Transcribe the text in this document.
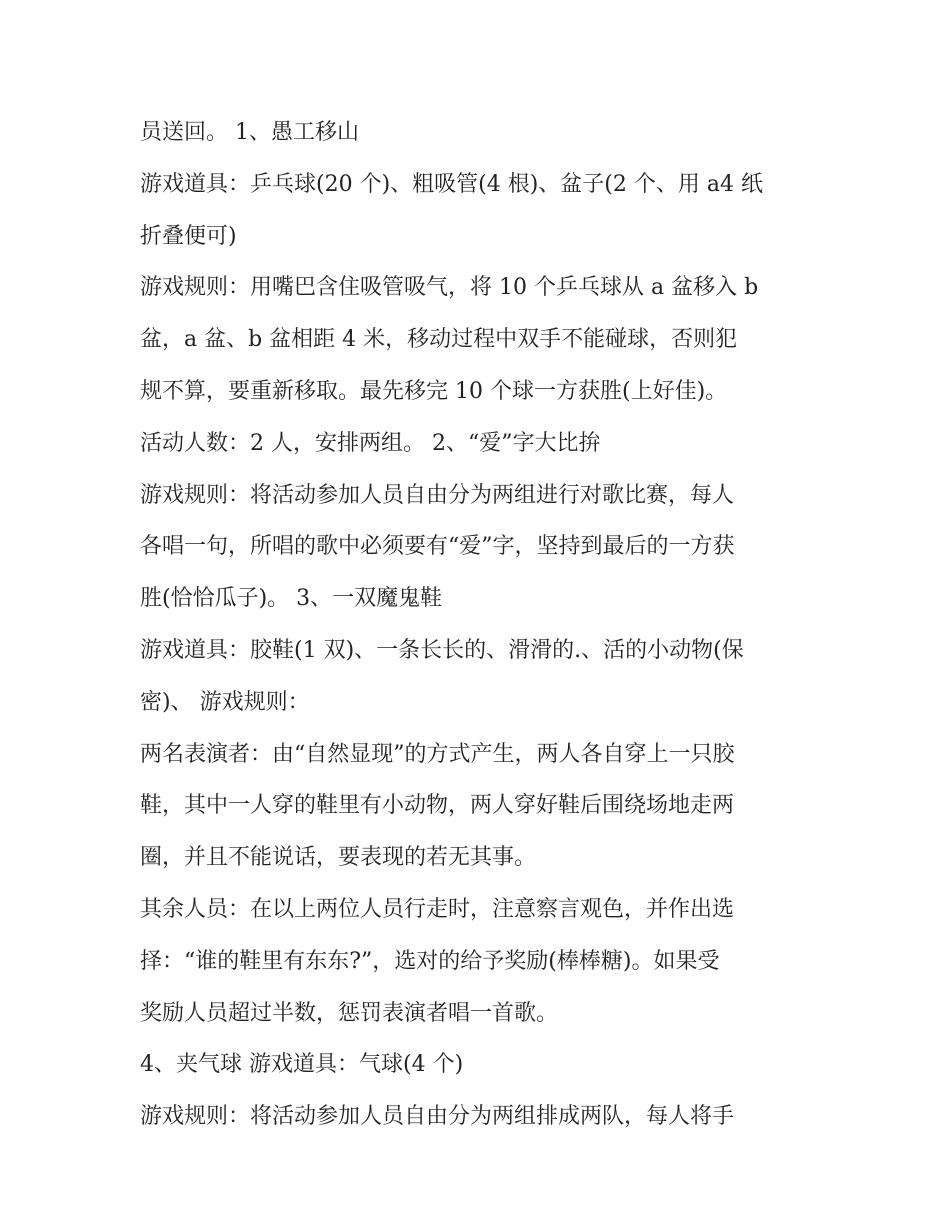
员送回。 1、愚工移山

游戏道具：乒乓球(20 个)、粗吸管(4 根)、盆子(2 个、用 a4 纸

折叠便可)

游戏规则：用嘴巴含住吸管吸气，将 10 个乒乓球从 a 盆移入 b

盆，a 盆、b 盆相距 4 米，移动过程中双手不能碰球，否则犯

规不算，要重新移取。最先移完 10 个球一方获胜(上好佳)。

活动人数：2 人，安排两组。 2、“爱”字大比拚

游戏规则：将活动参加人员自由分为两组进行对歌比赛，每人

各唱一句，所唱的歌中必须要有“爱”字，坚持到最后的一方获

胜(恰恰瓜子)。 3、一双魔鬼鞋

游戏道具：胶鞋(1 双)、一条长长的、滑滑的.、活的小动物(保

密)、 游戏规则：

两名表演者：由“自然显现”的方式产生，两人各自穿上一只胶

鞋，其中一人穿的鞋里有小动物，两人穿好鞋后围绕场地走两

圈，并且不能说话，要表现的若无其事。

其余人员：在以上两位人员行走时，注意察言观色，并作出选

择：“谁的鞋里有东东?”，选对的给予奖励(棒棒糖)。如果受

奖励人员超过半数，惩罚表演者唱一首歌。

4、夹气球 游戏道具：气球(4 个)

游戏规则：将活动参加人员自由分为两组排成两队，每人将手
